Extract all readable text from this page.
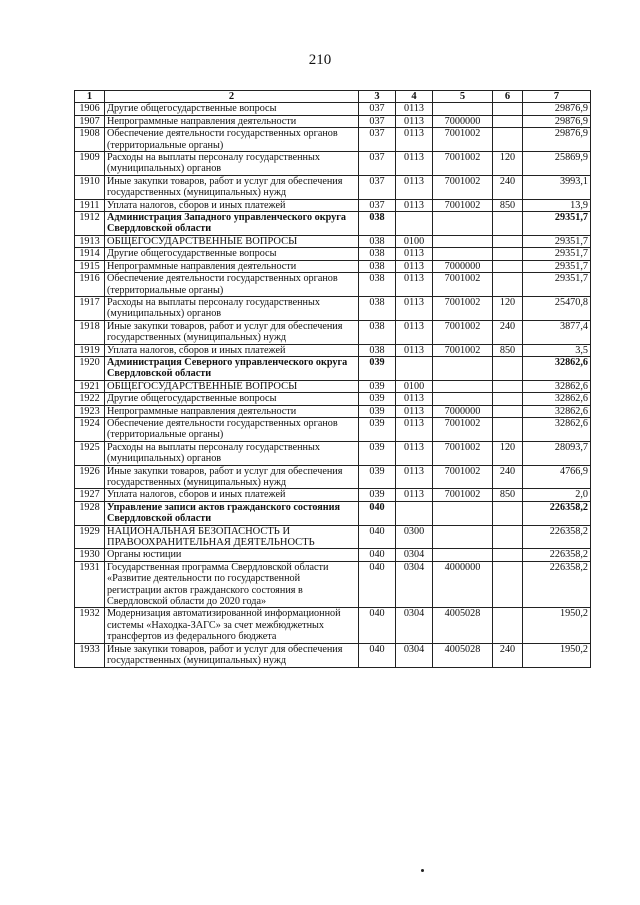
210
1	2	3	4	5	6	7
1906	Другие общегосударственные вопросы	037	0113			29876,9
1907	Непрограммные направления деятельности	037	0113	7000000		29876,9
1908	Обеспечение деятельности государственных органов (территориальные органы)	037	0113	7001002		29876,9
1909	Расходы на выплаты персоналу государственных (муниципальных) органов	037	0113	7001002	120	25869,9
1910	Иные закупки товаров, работ и услуг для обеспечения государственных (муниципальных) нужд	037	0113	7001002	240	3993,1
1911	Уплата налогов, сборов и иных платежей	037	0113	7001002	850	13,9
1912	Администрация Западного управленческого округа Свердловской области	038				29351,7
1913	ОБЩЕГОСУДАРСТВЕННЫЕ ВОПРОСЫ	038	0100			29351,7
1914	Другие общегосударственные вопросы	038	0113			29351,7
1915	Непрограммные направления деятельности	038	0113	7000000		29351,7
1916	Обеспечение деятельности государственных органов (территориальные органы)	038	0113	7001002		29351,7
1917	Расходы на выплаты персоналу государственных (муниципальных) органов	038	0113	7001002	120	25470,8
1918	Иные закупки товаров, работ и услуг для обеспечения государственных (муниципальных) нужд	038	0113	7001002	240	3877,4
1919	Уплата налогов, сборов и иных платежей	038	0113	7001002	850	3,5
1920	Администрация Северного управленческого округа Свердловской области	039				32862,6
1921	ОБЩЕГОСУДАРСТВЕННЫЕ ВОПРОСЫ	039	0100			32862,6
1922	Другие общегосударственные вопросы	039	0113			32862,6
1923	Непрограммные направления деятельности	039	0113	7000000		32862,6
1924	Обеспечение деятельности государственных органов (территориальные органы)	039	0113	7001002		32862,6
1925	Расходы на выплаты персоналу государственных (муниципальных) органов	039	0113	7001002	120	28093,7
1926	Иные закупки товаров, работ и услуг для обеспечения государственных (муниципальных) нужд	039	0113	7001002	240	4766,9
1927	Уплата налогов, сборов и иных платежей	039	0113	7001002	850	2,0
1928	Управление записи актов гражданского состояния Свердловской области	040				226358,2
1929	НАЦИОНАЛЬНАЯ БЕЗОПАСНОСТЬ И ПРАВООХРАНИТЕЛЬНАЯ ДЕЯТЕЛЬНОСТЬ	040	0300			226358,2
1930	Органы юстиции	040	0304			226358,2
1931	Государственная программа Свердловской области «Развитие деятельности по государственной регистрации актов гражданского состояния в Свердловской области до 2020 года»	040	0304	4000000		226358,2
1932	Модернизация автоматизированной информационной системы «Находка-ЗАГС» за счет межбюджетных трансфертов из федерального бюджета	040	0304	4005028		1950,2
1933	Иные закупки товаров, работ и услуг для обеспечения государственных (муниципальных) нужд	040	0304	4005028	240	1950,2
